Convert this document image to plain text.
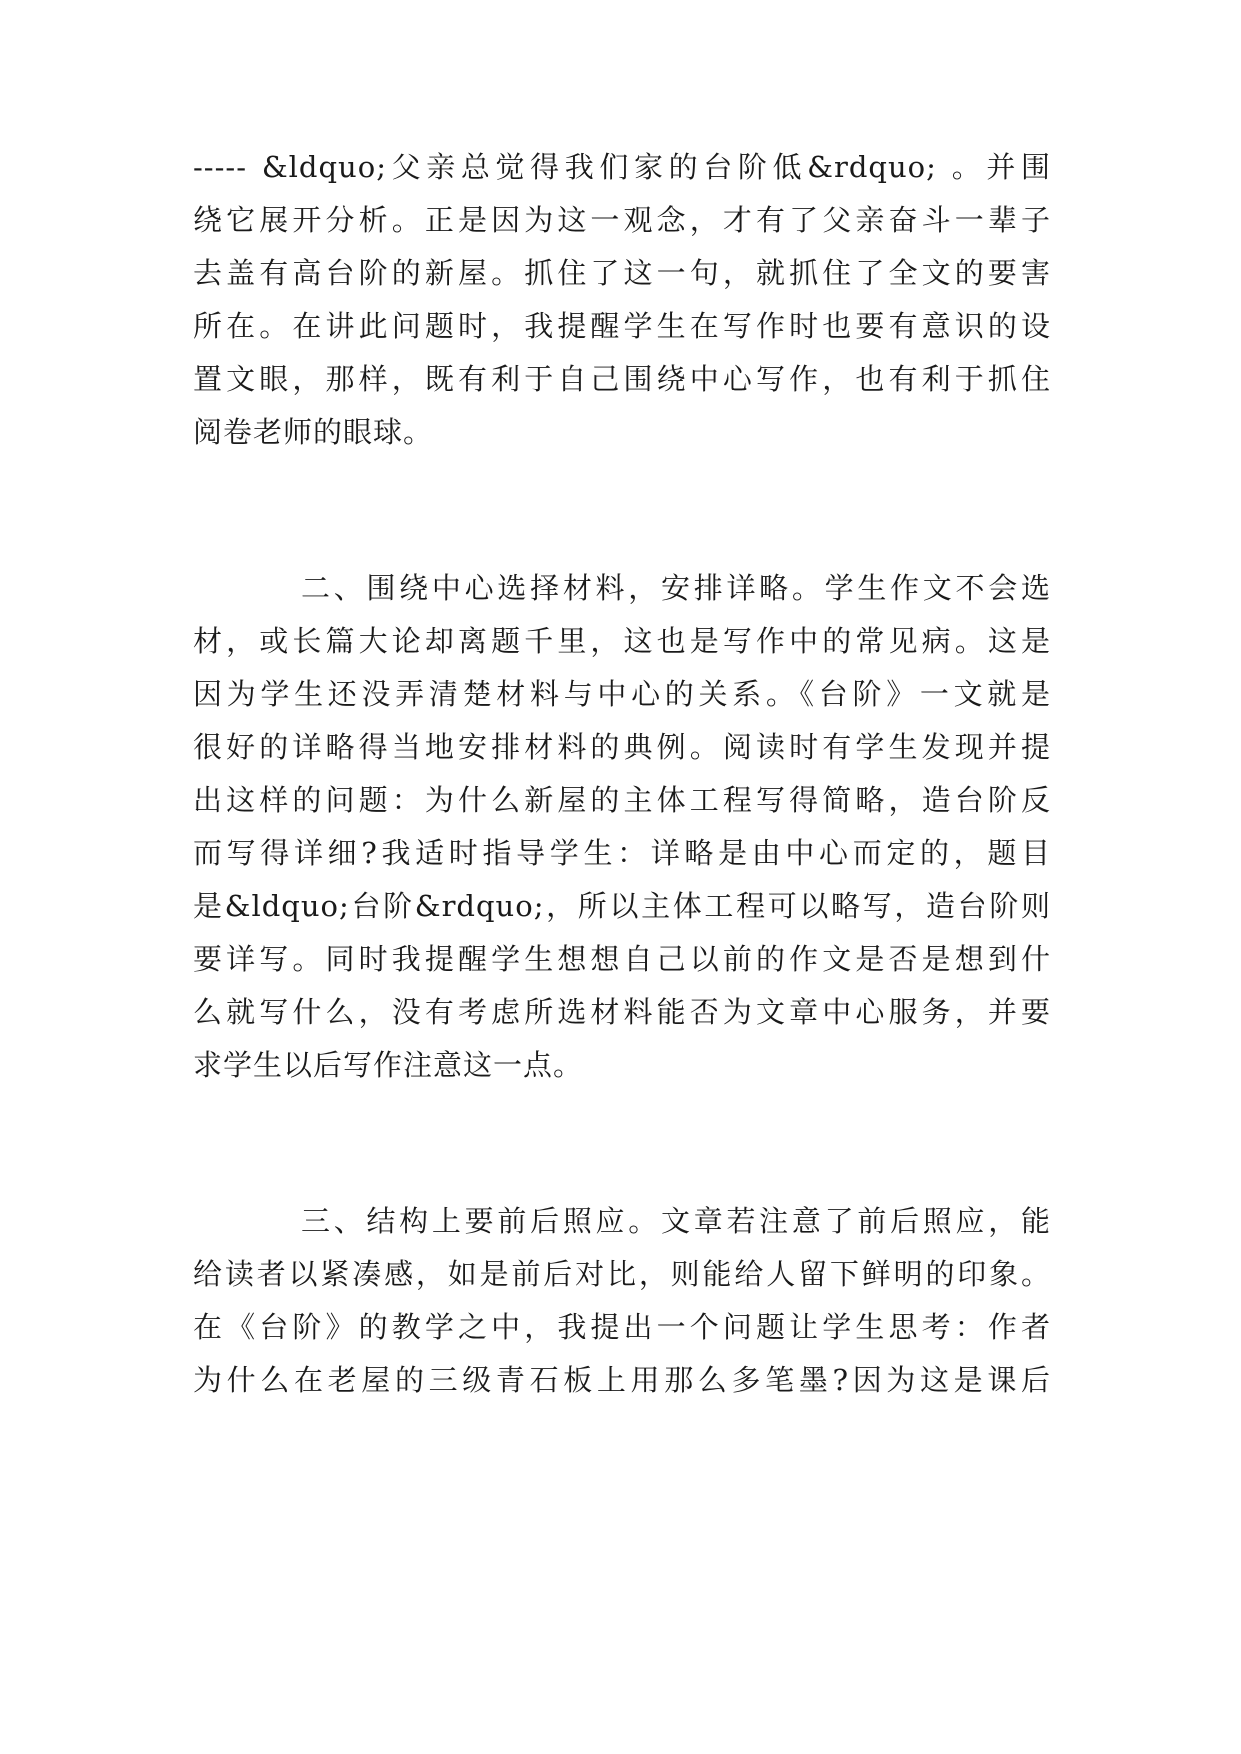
----- &ldquo;父亲总觉得我们家的台阶低&rdquo; 。并围
绕它展开分析。正是因为这一观念，才有了父亲奋斗一辈子
去盖有高台阶的新屋。抓住了这一句，就抓住了全文的要害
所在。在讲此问题时，我提醒学生在写作时也要有意识的设
置文眼，那样，既有利于自己围绕中心写作，也有利于抓住
阅卷老师的眼球。
二、围绕中心选择材料，安排详略。学生作文不会选
材，或长篇大论却离题千里，这也是写作中的常见病。这是
因为学生还没弄清楚材料与中心的关系。《台阶》一文就是
很好的详略得当地安排材料的典例。阅读时有学生发现并提
出这样的问题：为什么新屋的主体工程写得简略，造台阶反
而写得详细?我适时指导学生：详略是由中心而定的，题目
是&ldquo;台阶&rdquo;，所以主体工程可以略写，造台阶则
要详写。同时我提醒学生想想自己以前的作文是否是想到什
么就写什么，没有考虑所选材料能否为文章中心服务，并要
求学生以后写作注意这一点。
三、结构上要前后照应。文章若注意了前后照应，能
给读者以紧凑感，如是前后对比，则能给人留下鲜明的印象。
在《台阶》的教学之中，我提出一个问题让学生思考：作者
为什么在老屋的三级青石板上用那么多笔墨?因为这是课后
